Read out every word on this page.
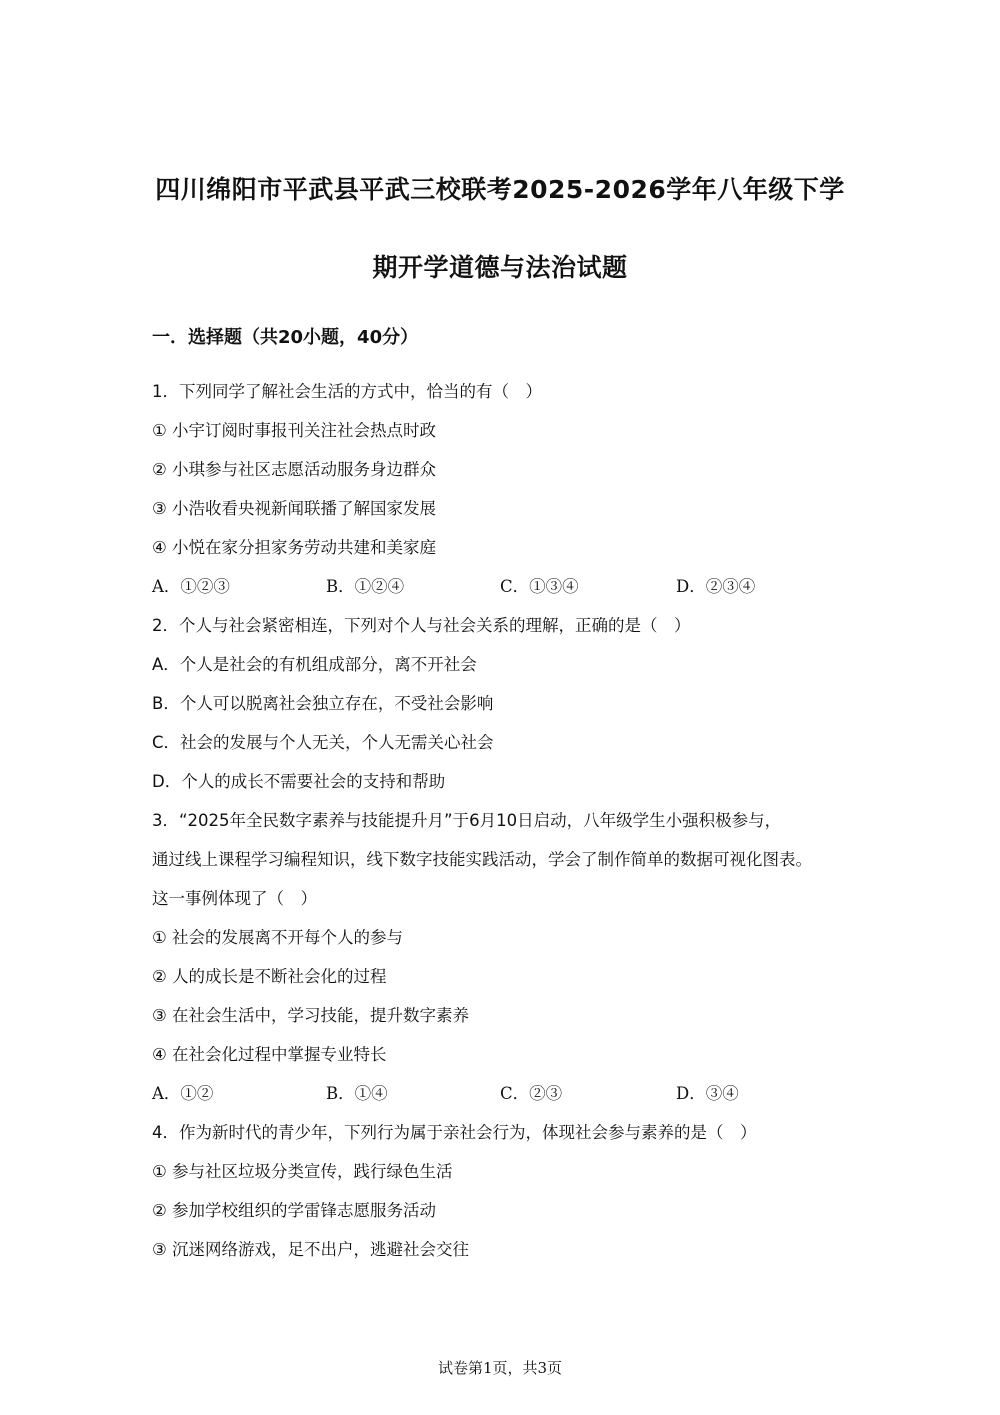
四川绵阳市平武县平武三校联考2025-2026学年八年级下学
期开学道德与法治试题
一．选择题（共20小题，40分）
1．下列同学了解社会生活的方式中，恰当的有（　）
① 小宇订阅时事报刊关注社会热点时政
② 小琪参与社区志愿活动服务身边群众
③ 小浩收看央视新闻联播了解国家发展
④ 小悦在家分担家务劳动共建和美家庭
A．①②③	B．①②④	C．①③④	D．②③④
2．个人与社会紧密相连，下列对个人与社会关系的理解，正确的是（　）
A．个人是社会的有机组成部分，离不开社会
B．个人可以脱离社会独立存在，不受社会影响
C．社会的发展与个人无关，个人无需关心社会
D．个人的成长不需要社会的支持和帮助
3．“2025年全民数字素养与技能提升月”于6月10日启动，八年级学生小强积极参与，
通过线上课程学习编程知识，线下数字技能实践活动，学会了制作简单的数据可视化图表。
这一事例体现了（　）
① 社会的发展离不开每个人的参与
② 人的成长是不断社会化的过程
③ 在社会生活中，学习技能，提升数字素养
④ 在社会化过程中掌握专业特长
A．①②	B．①④	C．②③	D．③④
4．作为新时代的青少年，下列行为属于亲社会行为，体现社会参与素养的是（　）
① 参与社区垃圾分类宣传，践行绿色生活
② 参加学校组织的学雷锋志愿服务活动
③ 沉迷网络游戏，足不出户，逃避社会交往
试卷第1页，共3页
